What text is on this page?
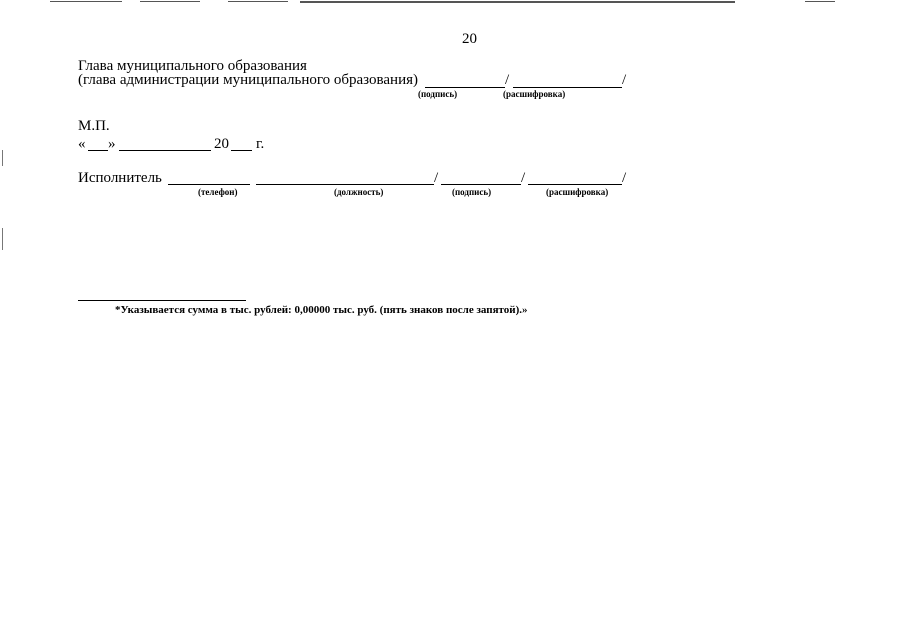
20
Глава муниципального образования
(глава администрации муниципального образования)	/	/
(подпись)	(расшифровка)
М.П.
« »	20 г.
Исполнитель	/	/	/
(телефон)	(должность)	(подпись)	(расшифровка)
*Указывается сумма в тыс. рублей: 0,00000 тыс. руб. (пять знаков после запятой).»
